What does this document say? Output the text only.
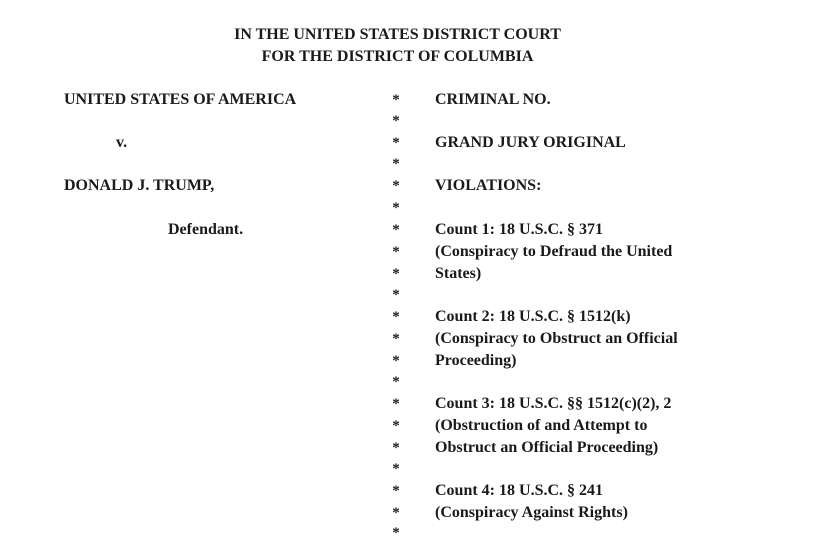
IN THE UNITED STATES DISTRICT COURT
FOR THE DISTRICT OF COLUMBIA
UNITED STATES OF AMERICA
v.
DONALD J. TRUMP,
Defendant.
*
*
*
*
*
*
*
*
*
*
*
*
*
*
*
*
*
*
*
*
*
CRIMINAL NO.
GRAND JURY ORIGINAL
VIOLATIONS:
Count 1: 18 U.S.C. § 371
(Conspiracy to Defraud the United
States)
Count 2: 18 U.S.C. § 1512(k)
(Conspiracy to Obstruct an Official
Proceeding)
Count 3: 18 U.S.C. §§ 1512(c)(2), 2
(Obstruction of and Attempt to
Obstruct an Official Proceeding)
Count 4: 18 U.S.C. § 241
(Conspiracy Against Rights)
